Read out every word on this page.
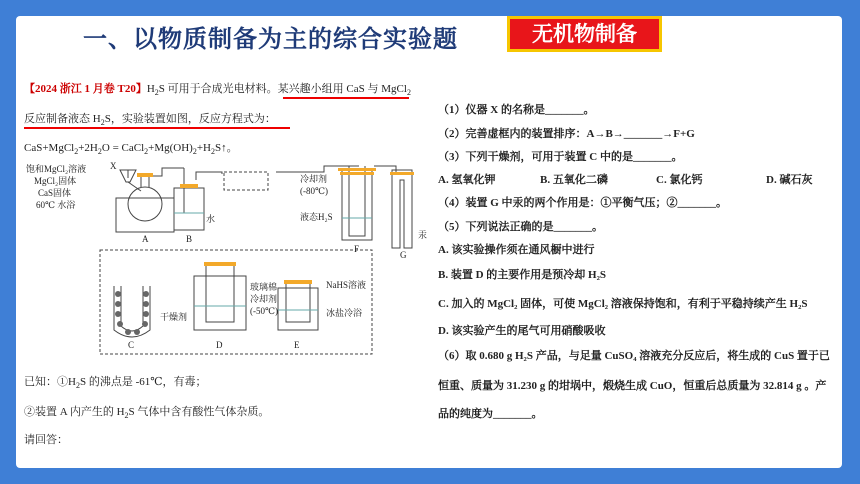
一、以物质制备为主的综合实验题	无机物制备
【2024 浙江 1 月卷 T20】$H_2S$ 可用于合成光电材料。某兴趣小组用 CaS 与 MgCl$_2$
反应制备液态 $H_2S$，实验装置如图，反应方程式为：
$CaS+MgCl_2+2H_2O$ = $CaCl_2+Mg(OH)_2+H_2S↑$。
饱和MgCl₂溶液
MgCl₂固体
CaS固体
60℃ 水浴
X
水
冷却剂
(-80℃)
液态H₂S
汞
干燥剂
玻璃棉
冷却剂
(-50℃)
NaHS溶液
冰盐冷浴
A	B
F
G
C	D	E
已知：$①H_2S$ 的沸点是 -61℃，有毒；
②装置 A 内产生的 $H_2S$ 气体中含有酸性气体杂质。
请回答：
（1）仪器 X 的名称是_______。
（2）完善虚框内的装置排序：A→B→_______→F+G
（3）下列干燥剂，可用于装置 C 中的是_______。
A. 氢氧化钾	B. 五氧化二磷	C. 氯化钙	D. 碱石灰
（4）装置 G 中汞的两个作用是：①平衡气压；②_______。
（5）下列说法正确的是_______。
A. 该实验操作须在通风橱中进行
B. 装置 D 的主要作用是预冷却 H₂S
C. 加入的 MgCl₂ 固体，可使 MgCl₂ 溶液保持饱和，有利于平稳持续产生 H₂S
D. 该实验产生的尾气可用硝酸吸收
（6）取 0.680 g H₂S 产品，与足量 CuSO₄ 溶液充分反应后，将生成的 CuS 置于已
恒重、质量为 31.230 g 的坩埚中，煅烧生成 CuO，恒重后总质量为 32.814 g 。产
品的纯度为_______。
